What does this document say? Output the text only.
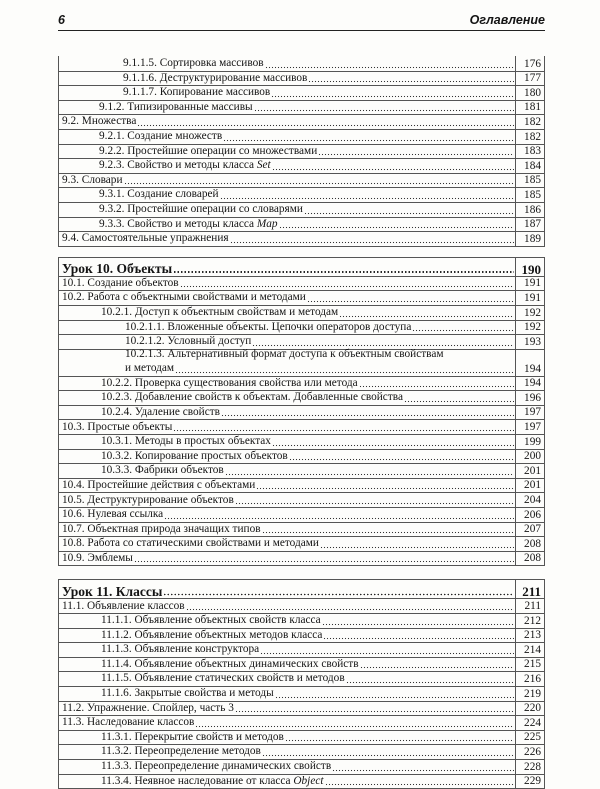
6	Оглавление
9.1.1.5. Сортировка массивов	176
9.1.1.6. Деструктурирование массивов	177
9.1.1.7. Копирование массивов	180
9.1.2. Типизированные массивы	181
9.2. Множества	182
9.2.1. Создание множеств	182
9.2.2. Простейшие операции со множествами	183
9.2.3. Свойство и методы класса Set	184
9.3. Словари	185
9.3.1. Создание словарей	185
9.3.2. Простейшие операции со словарями	186
9.3.3. Свойство и методы класса Map	187
9.4. Самостоятельные упражнения	189
Урок 10. Объекты	190
10.1. Создание объектов	191
10.2. Работа с объектными свойствами и методами	191
10.2.1. Доступ к объектным свойствам и методам	192
10.2.1.1. Вложенные объекты. Цепочки операторов доступа	192
10.2.1.2. Условный доступ	193
10.2.1.3. Альтернативный формат доступа к объектным свойствам
и методам	194
10.2.2. Проверка существования свойства или метода	194
10.2.3. Добавление свойств к объектам. Добавленные свойства	196
10.2.4. Удаление свойств	197
10.3. Простые объекты	197
10.3.1. Методы в простых объектах	199
10.3.2. Копирование простых объектов	200
10.3.3. Фабрики объектов	201
10.4. Простейшие действия с объектами	201
10.5. Деструктурирование объектов	204
10.6. Нулевая ссылка	206
10.7. Объектная природа значащих типов	207
10.8. Работа со статическими свойствами и методами	208
10.9. Эмблемы	208
Урок 11. Классы	211
11.1. Объявление классов	211
11.1.1. Объявление объектных свойств класса	212
11.1.2. Объявление объектных методов класса	213
11.1.3. Объявление конструктора	214
11.1.4. Объявление объектных динамических свойств	215
11.1.5. Объявление статических свойств и методов	216
11.1.6. Закрытые свойства и методы	219
11.2. Упражнение. Спойлер, часть 3	220
11.3. Наследование классов	224
11.3.1. Перекрытие свойств и методов	225
11.3.2. Переопределение методов	226
11.3.3. Переопределение динамических свойств	228
11.3.4. Неявное наследование от класса Object	229
